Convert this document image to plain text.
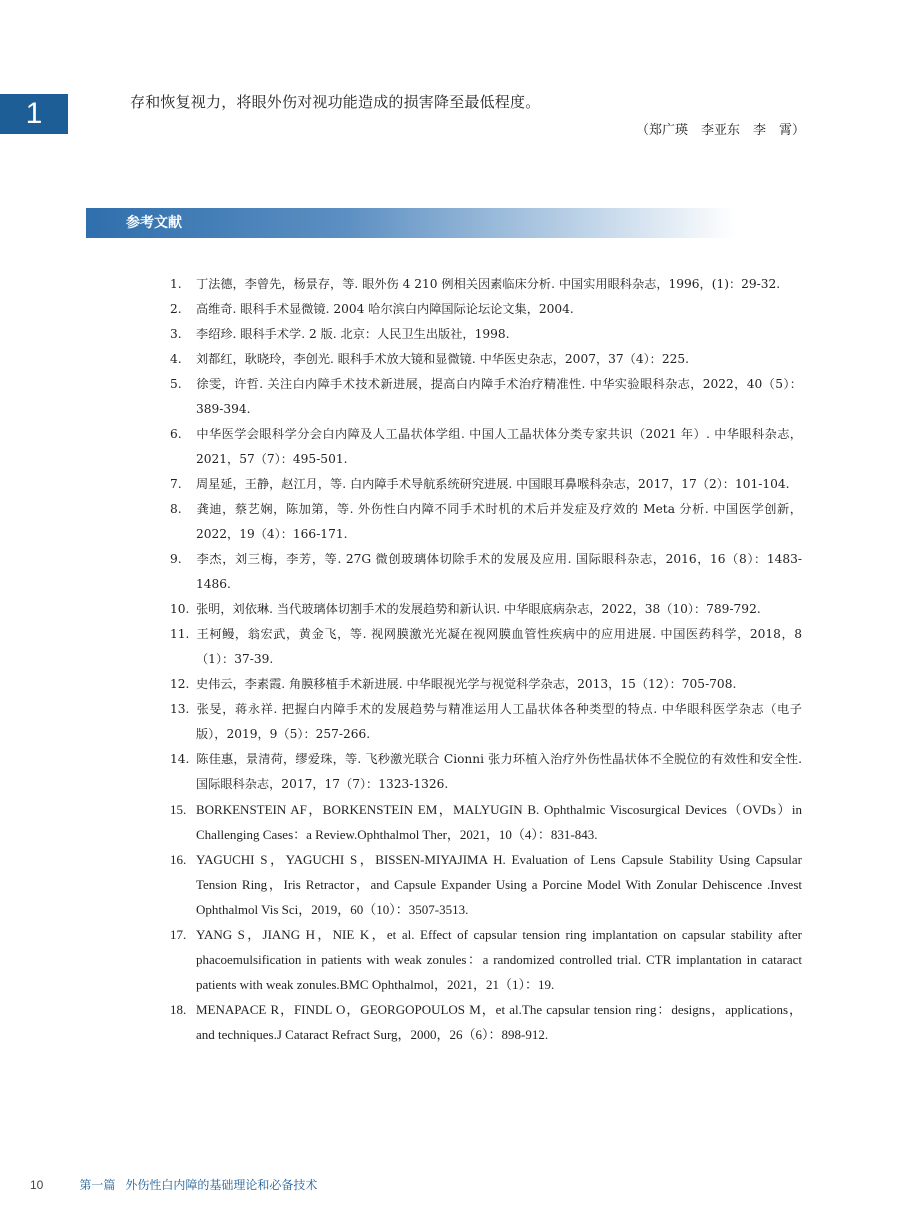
1	存和恢复视力，将眼外伤对视功能造成的损害降至最低程度。

（郑广瑛　李亚东　李　霄）

参考文献

1. 丁法德，李曾先，杨景存，等. 眼外伤 4 210 例相关因素临床分析. 中国实用眼科杂志，1996，(1)：29-32.
2. 高维奇. 眼科手术显微镜. 2004 哈尔滨白内障国际论坛论文集，2004.
3. 李绍珍. 眼科手术学. 2 版. 北京：人民卫生出版社，1998.
4. 刘都红，耿晓玲，李创光. 眼科手术放大镜和显微镜. 中华医史杂志，2007，37（4）：225.
5. 徐雯，许哲. 关注白内障手术技术新进展，提高白内障手术治疗精准性. 中华实验眼科杂志，2022，40（5）：389-394.
6. 中华医学会眼科学分会白内障及人工晶状体学组. 中国人工晶状体分类专家共识（2021 年）. 中华眼科杂志，2021，57（7）：495-501.
7. 周星延，王静，赵江月，等. 白内障手术导航系统研究进展. 中国眼耳鼻喉科杂志，2017，17（2）：101-104.
8. 龚迪，蔡艺娴，陈加第，等. 外伤性白内障不同手术时机的术后并发症及疗效的 Meta 分析. 中国医学创新，2022，19（4）：166-171.
9. 李杰，刘三梅，李芳，等. 27G 微创玻璃体切除手术的发展及应用. 国际眼科杂志，2016，16（8）：1483-1486.
10. 张明，刘依琳. 当代玻璃体切割手术的发展趋势和新认识. 中华眼底病杂志，2022，38（10）：789-792.
11. 王柯鳗，翁宏武，黄金飞，等. 视网膜激光光凝在视网膜血管性疾病中的应用进展. 中国医药科学，2018，8（1）：37-39.
12. 史伟云，李素霞. 角膜移植手术新进展. 中华眼视光学与视觉科学杂志，2013，15（12）：705-708.
13. 张旻，蒋永祥. 把握白内障手术的发展趋势与精准运用人工晶状体各种类型的特点. 中华眼科医学杂志（电子版），2019，9（5）：257-266.
14. 陈佳惠，景清荷，缪爱珠，等. 飞秒激光联合 Cionni 张力环植入治疗外伤性晶状体不全脱位的有效性和安全性. 国际眼科杂志，2017，17（7）：1323-1326.
15. BORKENSTEIN AF，BORKENSTEIN EM，MALYUGIN B. Ophthalmic Viscosurgical Devices（OVDs）in Challenging Cases：a Review.Ophthalmol Ther，2021，10（4）：831-843.
16. YAGUCHI S，YAGUCHI S，BISSEN-MIYAJIMA H. Evaluation of Lens Capsule Stability Using Capsular Tension Ring，Iris Retractor，and Capsule Expander Using a Porcine Model With Zonular Dehiscence .Invest Ophthalmol Vis Sci，2019，60（10）：3507-3513.
17. YANG S，JIANG H，NIE K，et al. Effect of capsular tension ring implantation on capsular stability after phacoemulsification in patients with weak zonules：a randomized controlled trial. CTR implantation in cataract patients with weak zonules.BMC Ophthalmol，2021，21（1）：19.
18. MENAPACE R，FINDL O，GEORGOPOULOS M，et al.The capsular tension ring：designs，applications，and techniques.J Cataract Refract Surg，2000，26（6）：898-912.
10	第一篇 外伤性白内障的基础理论和必备技术
